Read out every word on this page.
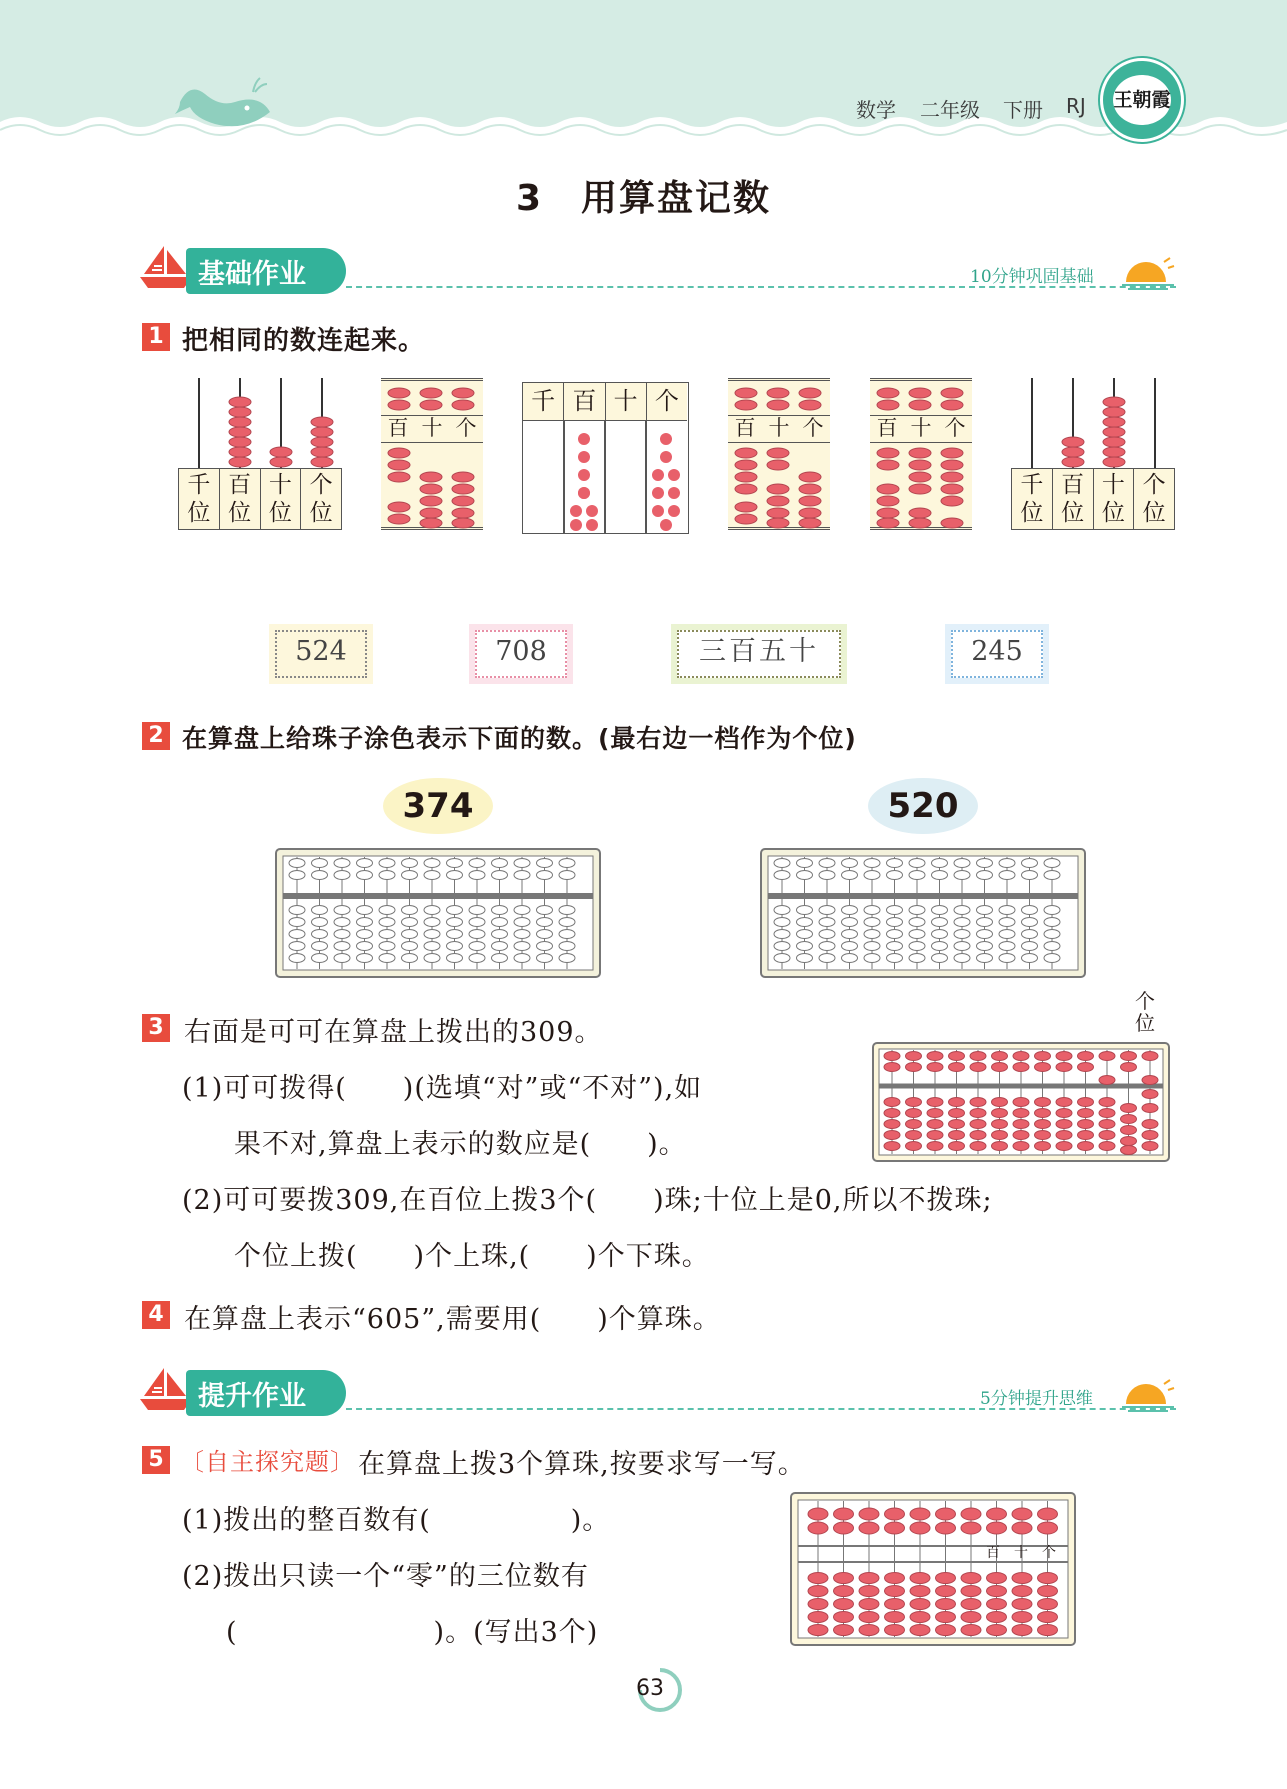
数学 二年级 下册 RJ 王朝霞
3　用算盘记数
基础作业	10分钟巩固基础
1 把相同的数连起来。
千位
百位
十位
个位
百 十 个
千 百 十 个
百 十 个	百 十 个
千位
百位
十位
个位
524	708	三百五十	245
2 在算盘上给珠子涂色表示下面的数。(最右边一档作为个位)
374	520
3 右面是可可在算盘上拨出的309。
(1)可可拨得(　　)(选填“对”或“不对”),如
果不对,算盘上表示的数应是(　　)。
(2)可可要拨309,在百位上拨3个(　　)珠;十位上是0,所以不拨珠;
个位上拨(　　)个上珠,(　　)个下珠。
个位
4 在算盘上表示“605”,需要用(　　)个算珠。
提升作业	5分钟提升思维
5 〔自主探究题〕 在算盘上拨3个算珠,按要求写一写。
(1)拨出的整百数有(　　　　　)。
(2)拨出只读一个“零”的三位数有
(　　　　　　　)。(写出3个)
百 十 个
63
